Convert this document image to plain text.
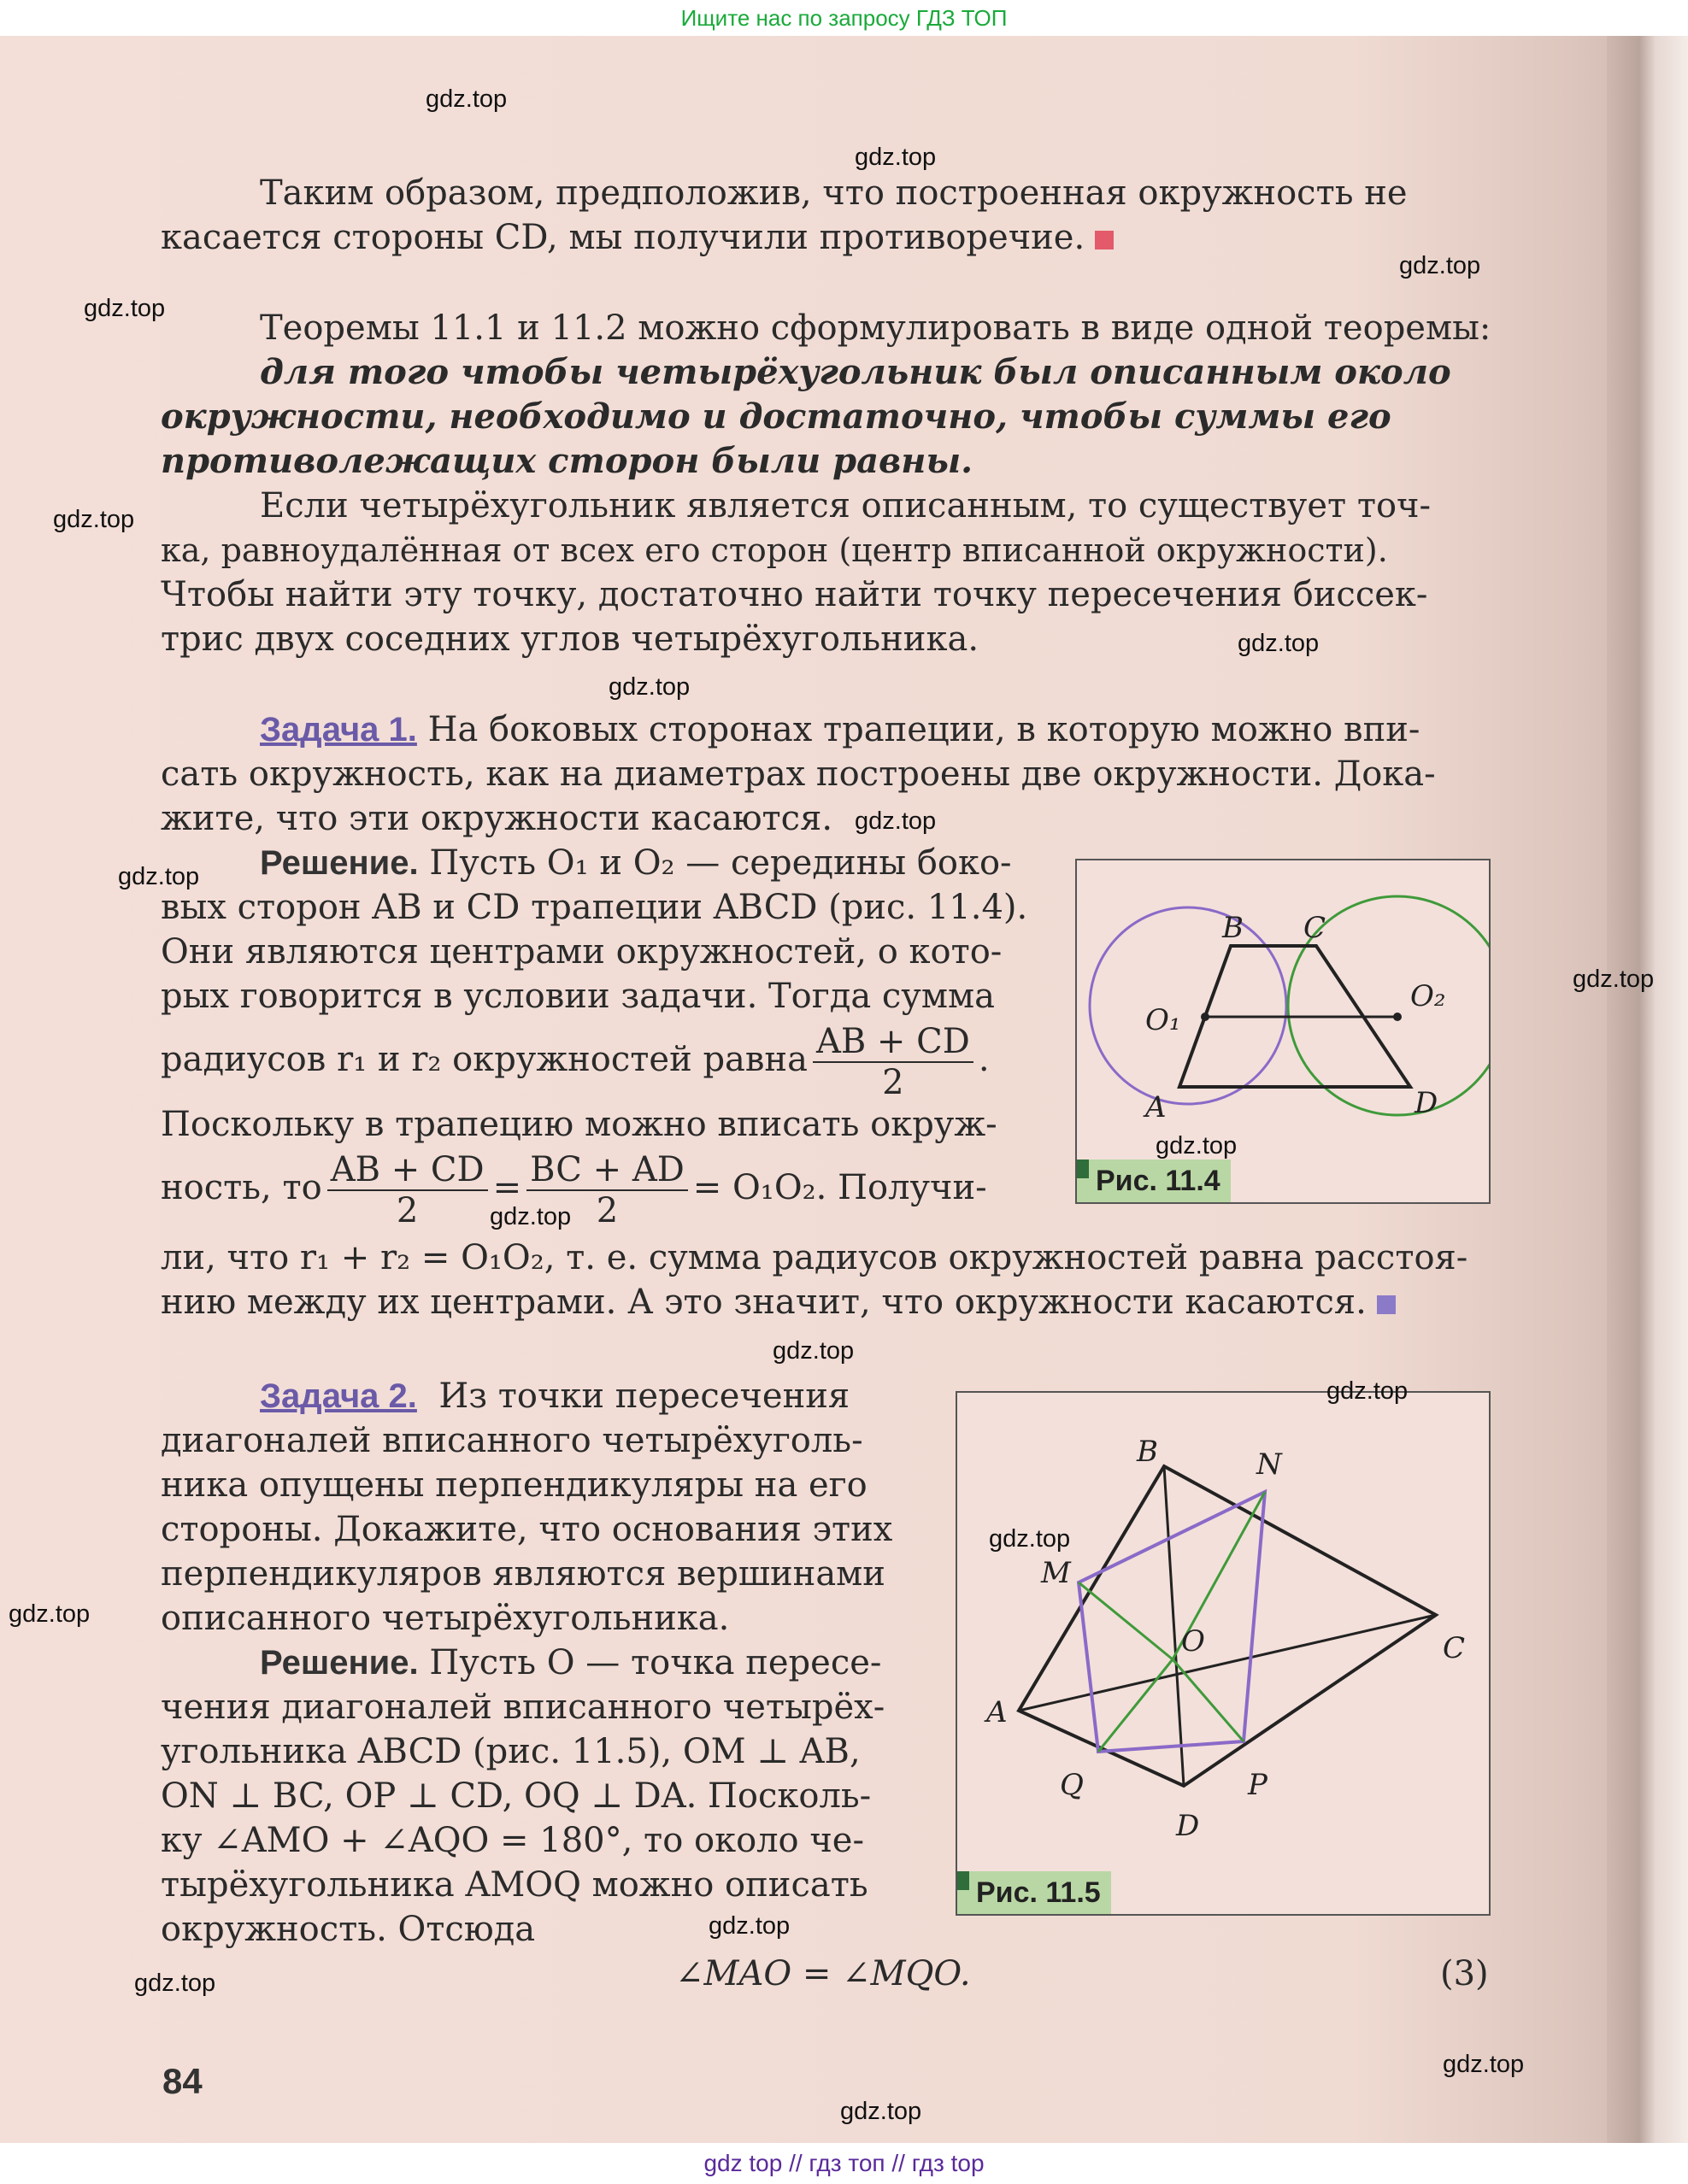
Ищите нас по запросу ГДЗ ТОП
Таким образом, предположив, что построенная окружность не
касается стороны CD, мы получили противоречие.
Теоремы 11.1 и 11.2 можно сформулировать в виде одной теоремы:
для того чтобы четырёхугольник был описанным около
окружности, необходимо и достаточно, чтобы суммы его
противолежащих сторон были равны.
Если четырёхугольник является описанным, то существует точ-
ка, равноудалённая от всех его сторон (центр вписанной окружности).
Чтобы найти эту точку, достаточно найти точку пересечения биссек-
трис двух соседних углов четырёхугольника.
Задача 1. На боковых сторонах трапеции, в которую можно впи-
сать окружность, как на диаметрах построены две окружности. Дока-
жите, что эти окружности касаются.
Решение. Пусть O₁ и O₂ — середины боко-
вых сторон AB и CD трапеции ABCD (рис. 11.4).
Они являются центрами окружностей, о кото-
рых говорится в условии задачи. Тогда сумма
радиусов r₁ и r₂ окружностей равна $\frac{AB + CD}{2}$ .
Поскольку в трапецию можно вписать окруж-
ность, то $\frac{AB + CD}{2} = \frac{BC + AD}{2} = O_1O_2$. Получи-
ли, что r₁ + r₂ = O₁O₂, т. е. сумма радиусов окружностей равна расстоя-
нию между их центрами. А это значит, что окружности касаются.
B C
O₁
O₂
A	D
Рис. 11.4
Задача 2. Из точки пересечения
диагоналей вписанного четырёхуголь-
ника опущены перпендикуляры на его
стороны. Докажите, что основания этих
перпендикуляров являются вершинами
описанного четырёхугольника.
Решение. Пусть O — точка пересе-
чения диагоналей вписанного четырёх-
угольника ABCD (рис. 11.5), OM ⊥ AB,
ON ⊥ BC, OP ⊥ CD, OQ ⊥ DA. Посколь-
ку ∠AMO + ∠AQO = 180°, то около че-
тырёхугольника AMOQ можно описать
окружность. Отсюда
∠MAO = ∠MQO.	(3)
B	N
M
O	C
A
Q	P
D
Рис. 11.5
84
gdz.top
gdz.top
gdz.top
gdz.top
gdz.top
gdz.top
gdz.top
gdz.top
gdz.top
gdz.top
gdz.top
gdz.top
gdz.top
gdz.top
gdz.top
gdz.top
gdz.top
gdz.top
gdz.top
gdz.top
gdz top // гдз топ // гдз top
